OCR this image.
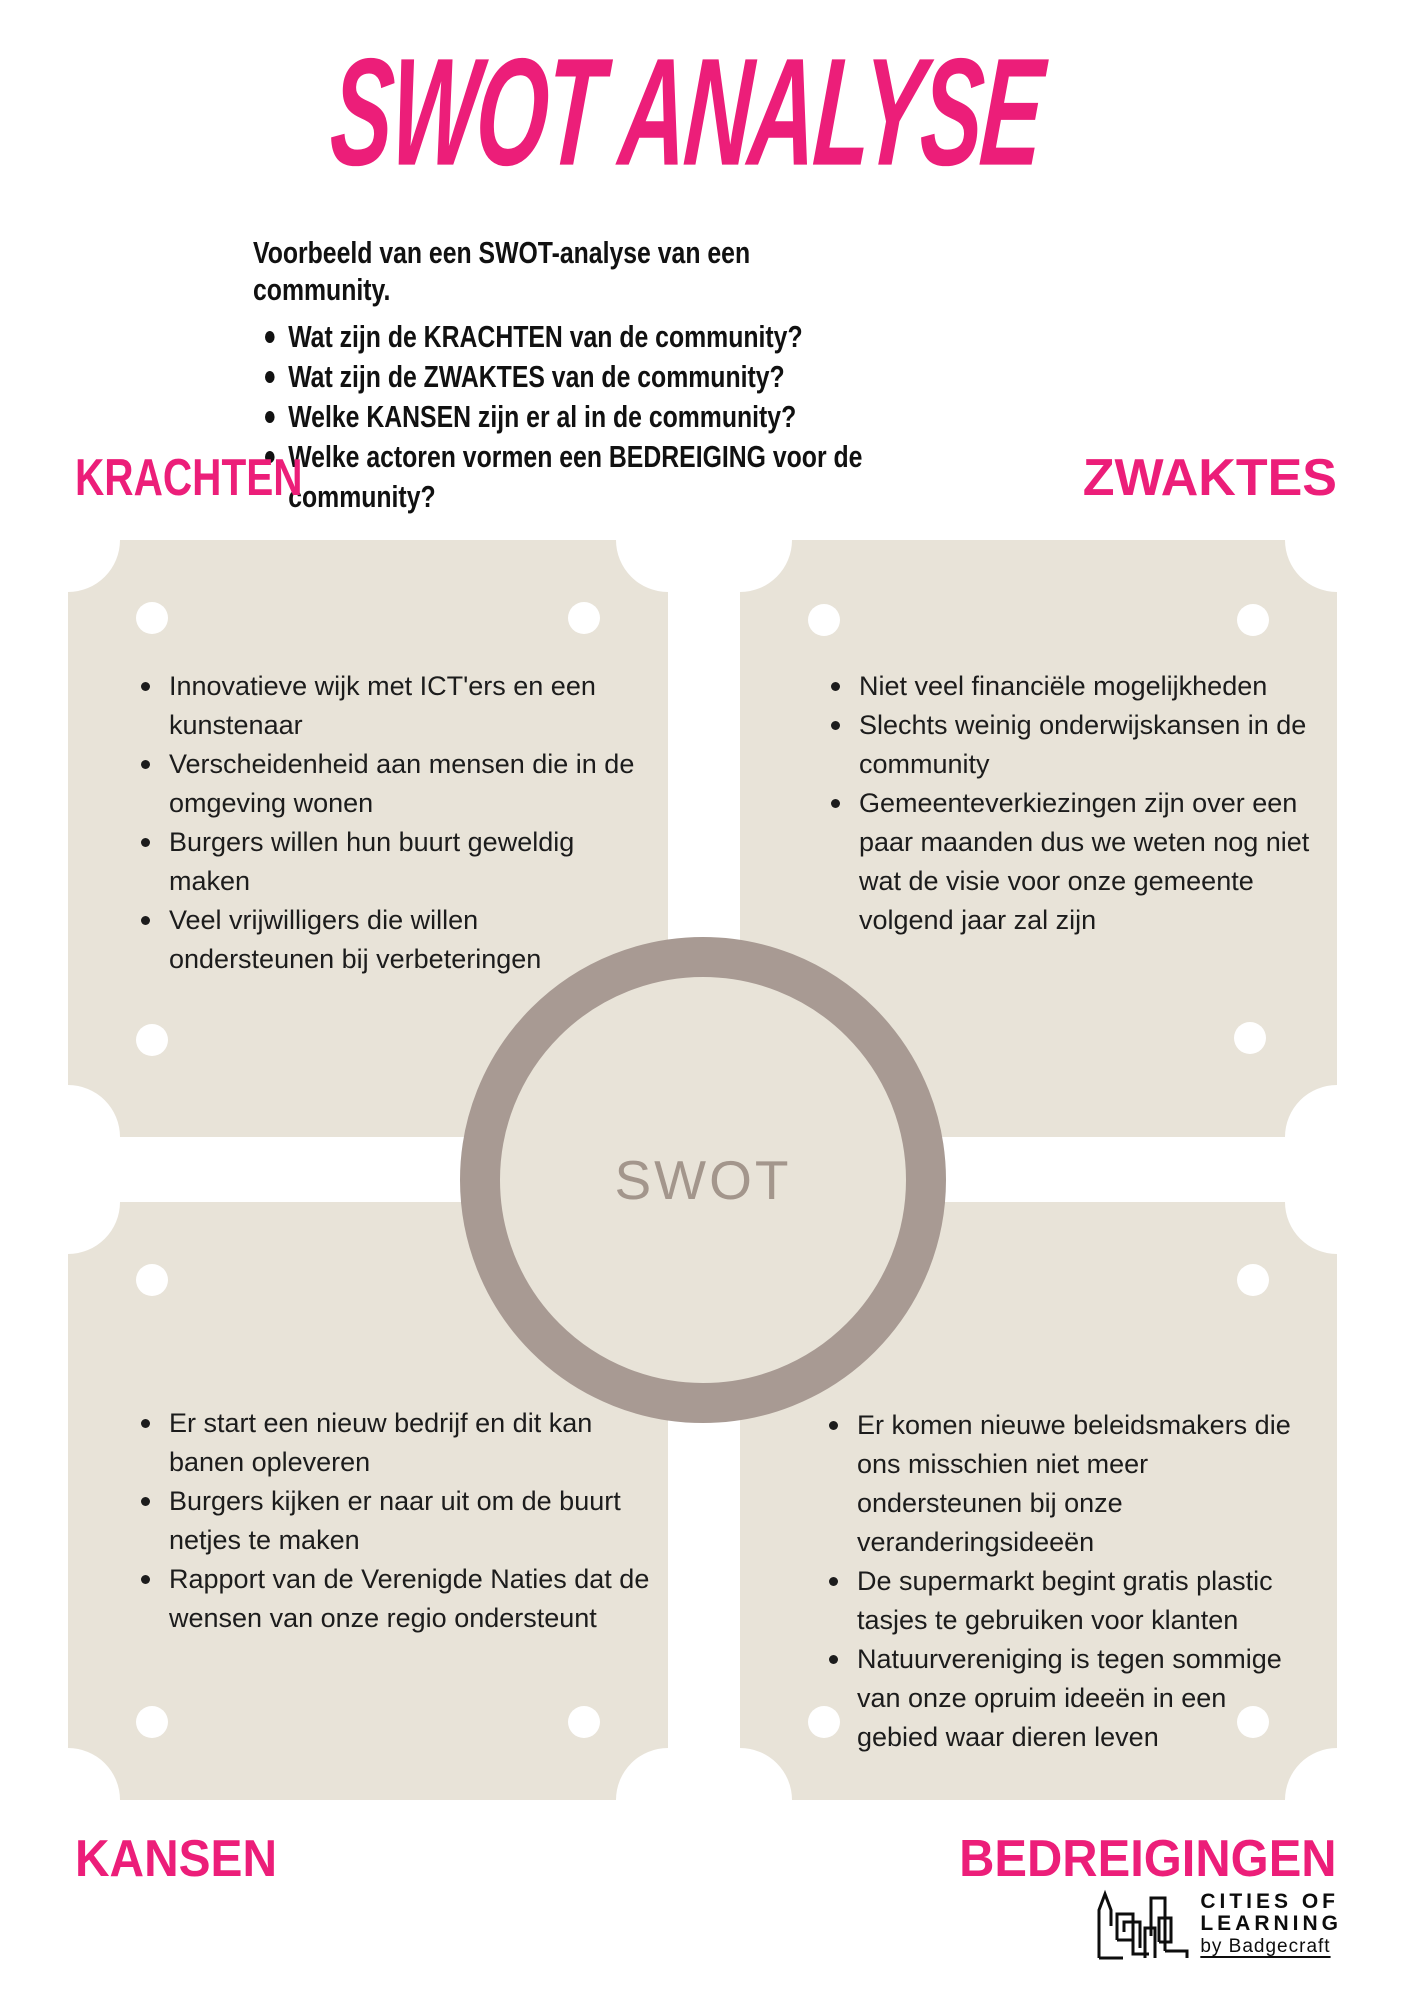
SWOT ANALYSE

Voorbeeld van een SWOT-analyse van een community.

Wat zijn de KRACHTEN van de community?
Wat zijn de ZWAKTES van de community?
Welke KANSEN zijn er al in de community?
Welke actoren vormen een BEDREIGING voor de community?
KRACHTEN	ZWAKTES
KANSEN	BEDREIGINGEN
Innovatieve wijk met ICT'ers en een kunstenaar
Verscheidenheid aan mensen die in de omgeving wonen
Burgers willen hun buurt geweldig maken
Veel vrijwilligers die willen ondersteunen bij verbeteringen
Niet veel financiële mogelijkheden
Slechts weinig onderwijskansen in de community
Gemeenteverkiezingen zijn over een paar maanden dus we weten nog niet wat de visie voor onze gemeente volgend jaar zal zijn
Er start een nieuw bedrijf en dit kan banen opleveren
Burgers kijken er naar uit om de buurt netjes te maken
Rapport van de Verenigde Naties dat de wensen van onze regio ondersteunt
Er komen nieuwe beleidsmakers die ons misschien niet meer ondersteunen bij onze veranderingsideeën
De supermarkt begint gratis plastic tasjes te gebruiken voor klanten
Natuurvereniging is tegen sommige van onze opruim ideeën in een gebied waar dieren leven
SWOT
CITIES OF
LEARNING
by Badgecraft
